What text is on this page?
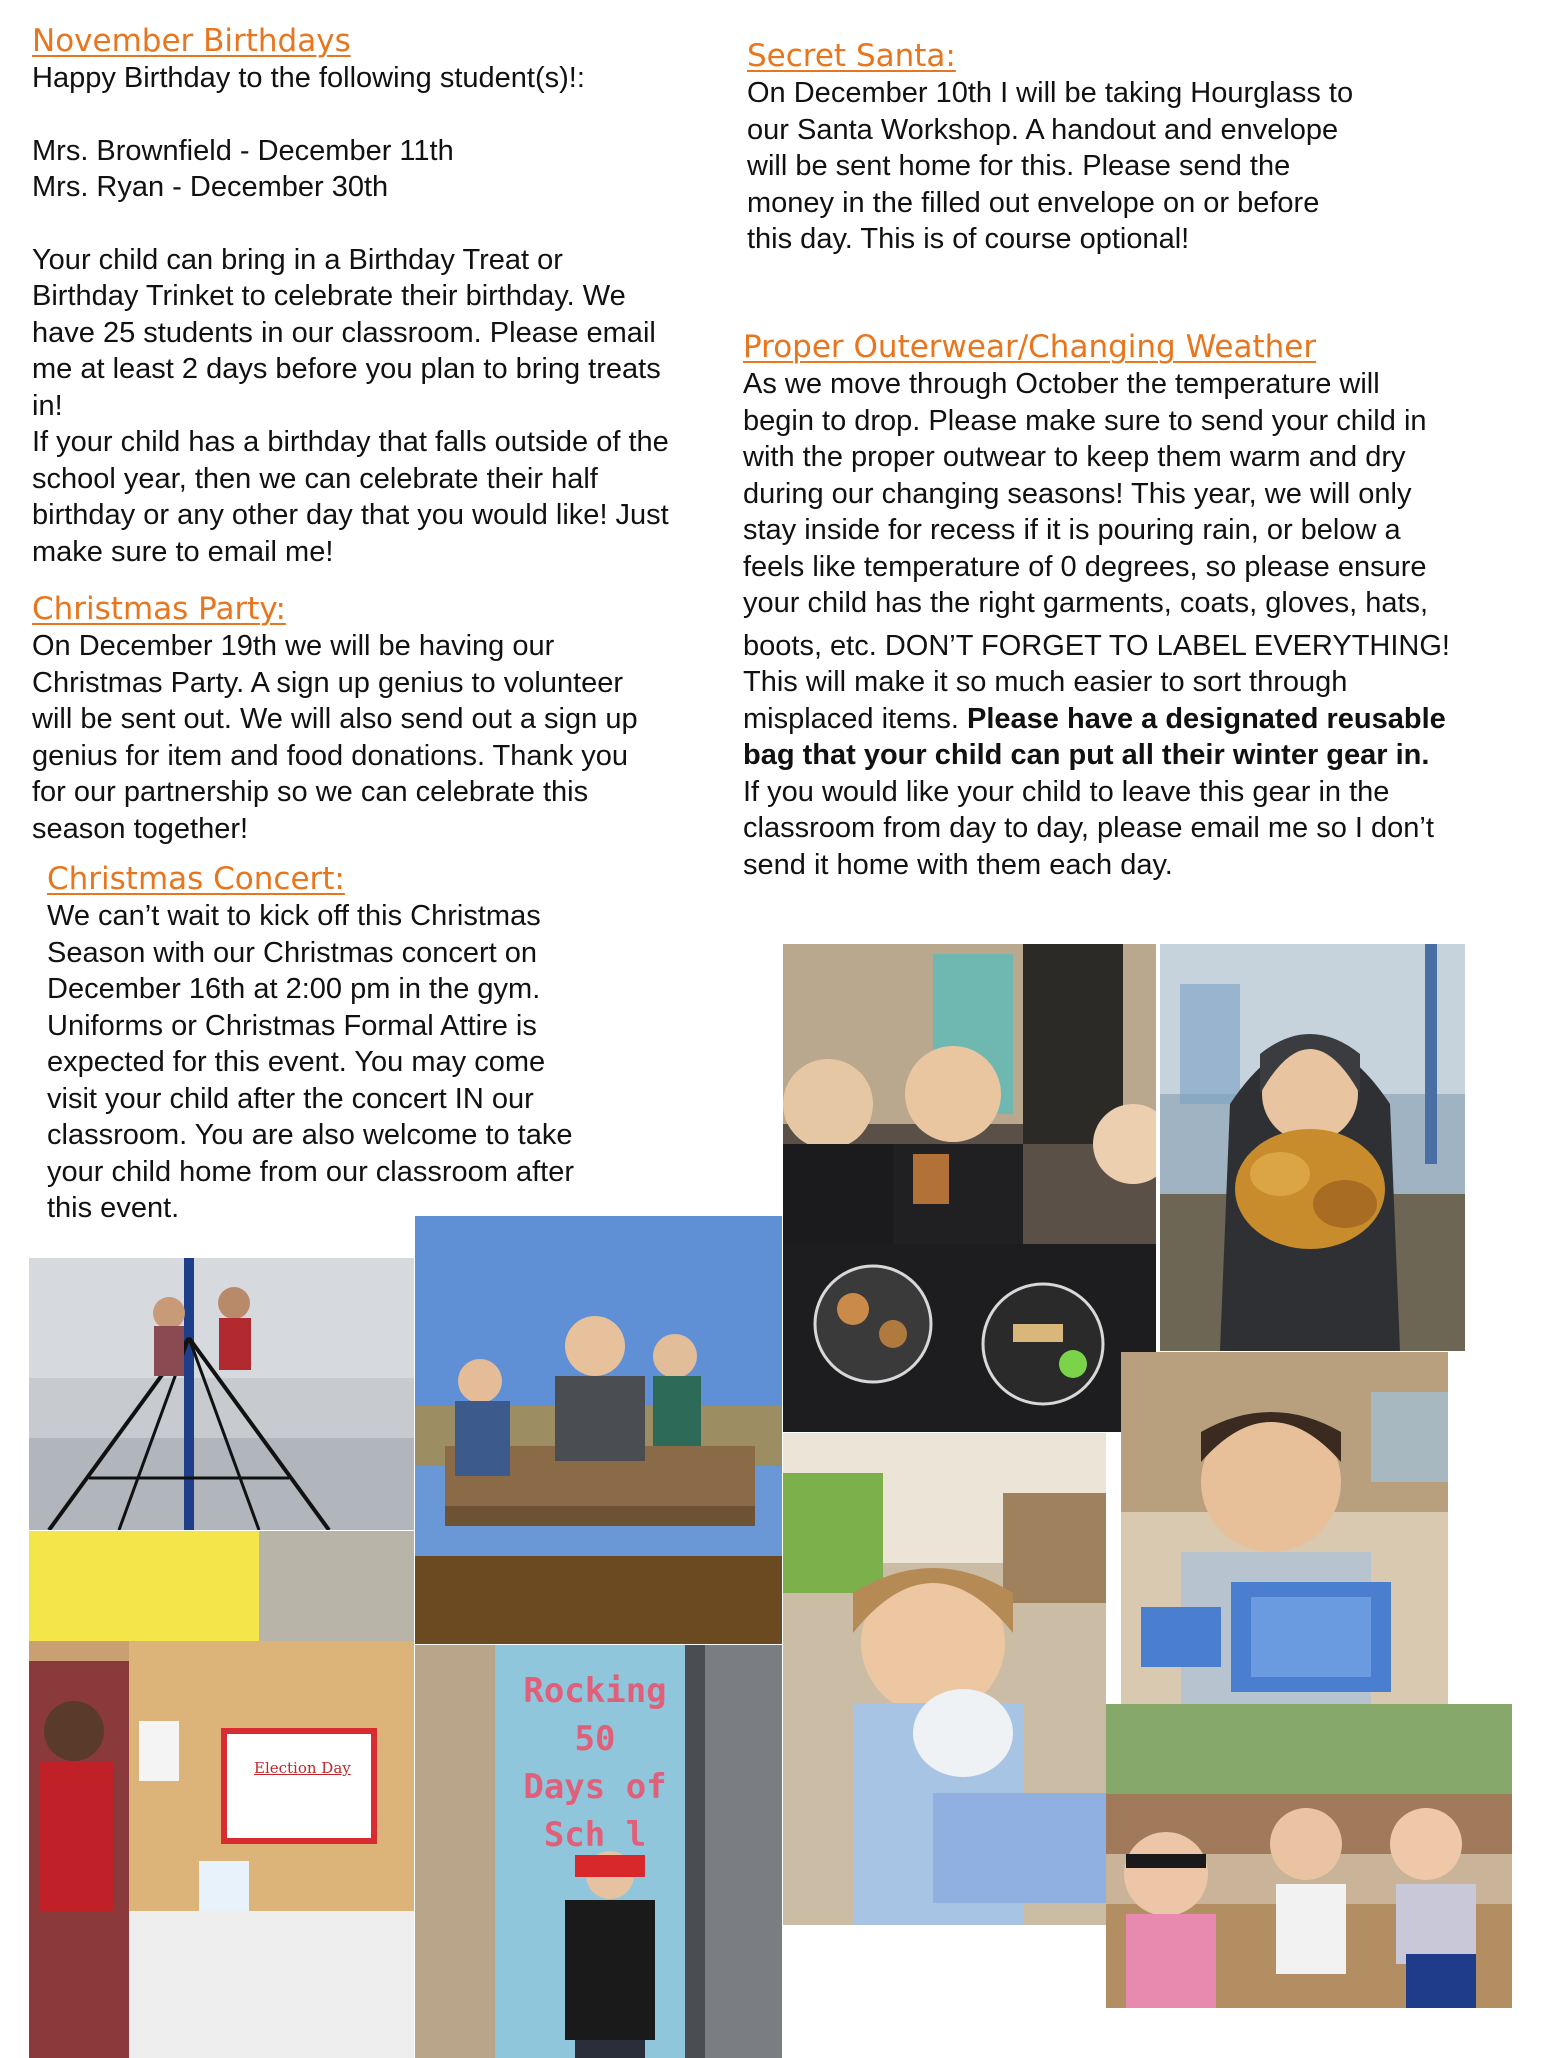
November Birthdays
Happy Birthday to the following student(s)!:
Mrs. Brownfield - December 11th
Mrs. Ryan - December 30th
Your child can bring in a Birthday Treat or
Birthday Trinket to celebrate their birthday. We
have 25 students in our classroom. Please email
me at least 2 days before you plan to bring treats
in!
If your child has a birthday that falls outside of the
school year, then we can celebrate their half
birthday or any other day that you would like! Just
make sure to email me!
Christmas Party:
On December 19th we will be having our
Christmas Party. A sign up genius to volunteer
will be sent out. We will also send out a sign up
genius for item and food donations. Thank you
for our partnership so we can celebrate this
season together!
Christmas Concert:
We can’t wait to kick off this Christmas
Season with our Christmas concert on
December 16th at 2:00 pm in the gym.
Uniforms or Christmas Formal Attire is
expected for this event. You may come
visit your child after the concert IN our
classroom. You are also welcome to take
your child home from our classroom after
this event.
Secret Santa:
On December 10th I will be taking Hourglass to
our Santa Workshop. A handout and envelope
will be sent home for this. Please send the
money in the filled out envelope on or before
this day. This is of course optional!
Proper Outerwear/Changing Weather
As we move through October the temperature will
begin to drop. Please make sure to send your child in
with the proper outwear to keep them warm and dry
during our changing seasons! This year, we will only
stay inside for recess if it is pouring rain, or below a
feels like temperature of 0 degrees, so please ensure
your child has the right garments, coats, gloves, hats,
boots, etc. DON’T FORGET TO LABEL EVERYTHING!
This will make it so much easier to sort through
misplaced items. Please have a designated reusable
bag that your child can put all their winter gear in.
If you would like your child to leave this gear in the
classroom from day to day, please email me so I don’t
send it home with them each day.
Election Day
Rocking
50
Days of
Sch l
